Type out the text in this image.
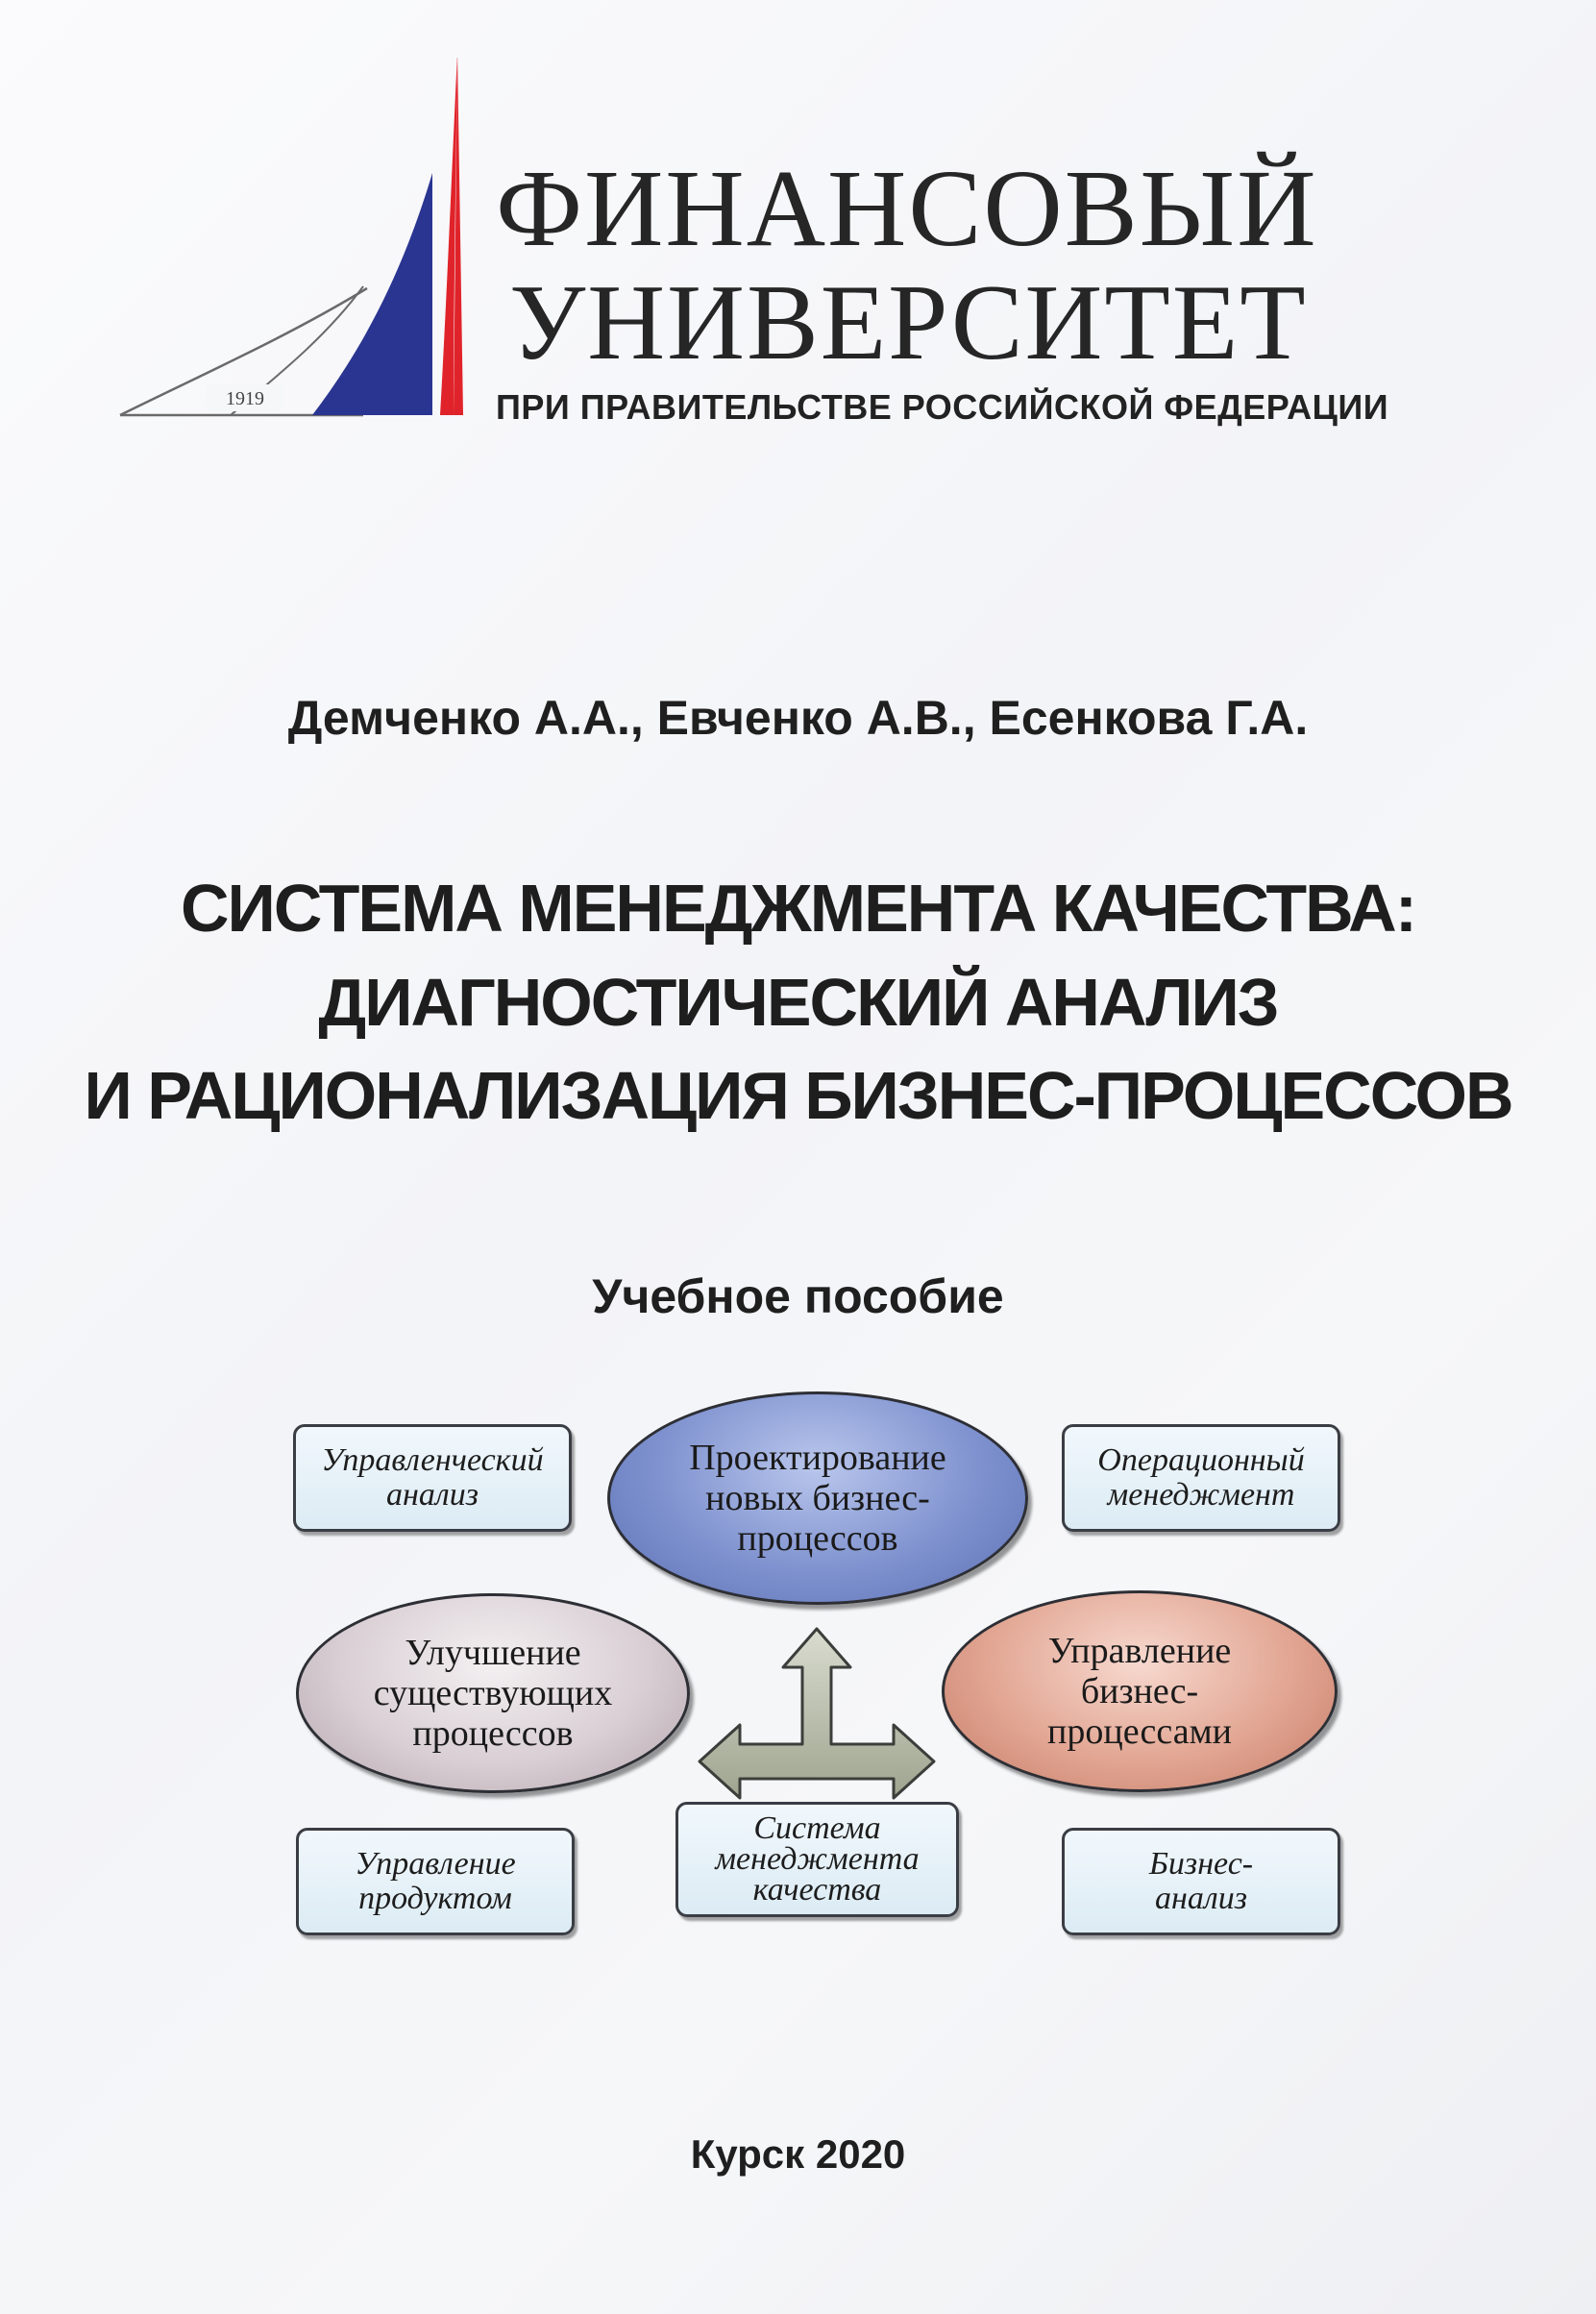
1919
ФИНАНСОВЫЙ
УНИВЕРСИТЕТ
ПРИ ПРАВИТЕЛЬСТВЕ РОССИЙСКОЙ ФЕДЕРАЦИИ
Демченко А.А., Евченко А.В., Есенкова Г.А.
СИСТЕМА МЕНЕДЖМЕНТА КАЧЕСТВА:
ДИАГНОСТИЧЕСКИЙ АНАЛИЗ
И РАЦИОНАЛИЗАЦИЯ БИЗНЕС-ПРОЦЕССОВ
Учебное пособие
Управленческий
анализ
Операционный
менеджмент
Проектирование
новых бизнес-
процессов
Улучшение
существующих
процессов
Управление
бизнес-
процессами
Управление
продуктом
Система
менеджмента
качества
Бизнес-
анализ
Курск 2020
